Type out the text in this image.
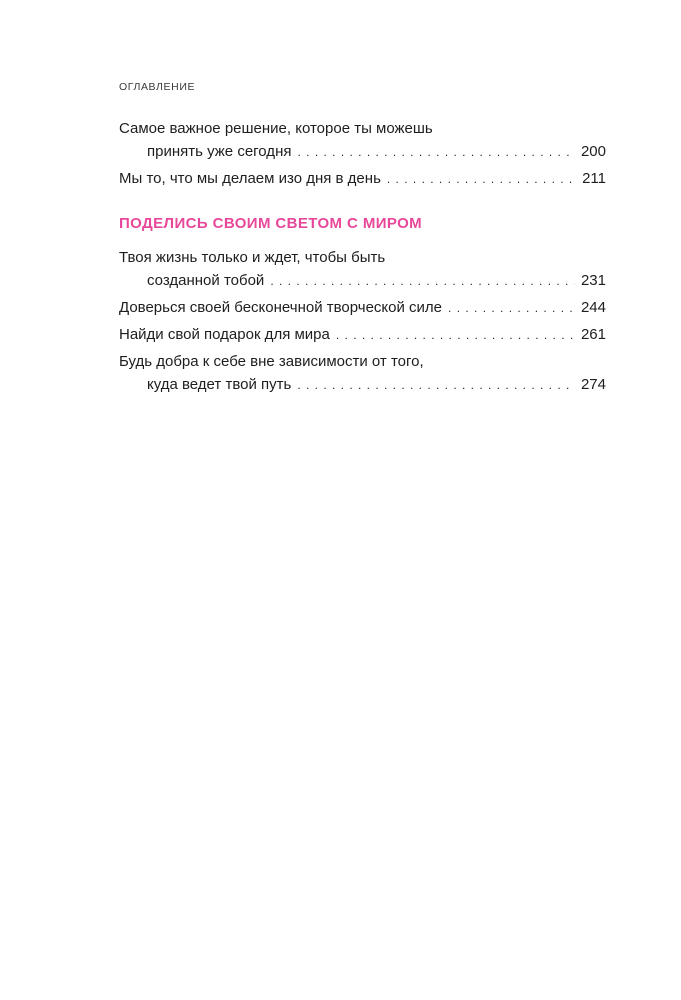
ОГЛАВЛЕНИЕ
Самое важное решение, которое ты можешь
принять уже сегодня . . .	200
Мы то, что мы делаем изо дня в день . . .	211
ПОДЕЛИСЬ СВОИМ СВЕТОМ С МИРОМ
Твоя жизнь только и ждет, чтобы быть
созданной тобой . . .	231
Доверься своей бесконечной творческой силе . . .	244
Найди свой подарок для мира . . .	261
Будь добра к себе вне зависимости от того,
куда ведет твой путь . . .	274
